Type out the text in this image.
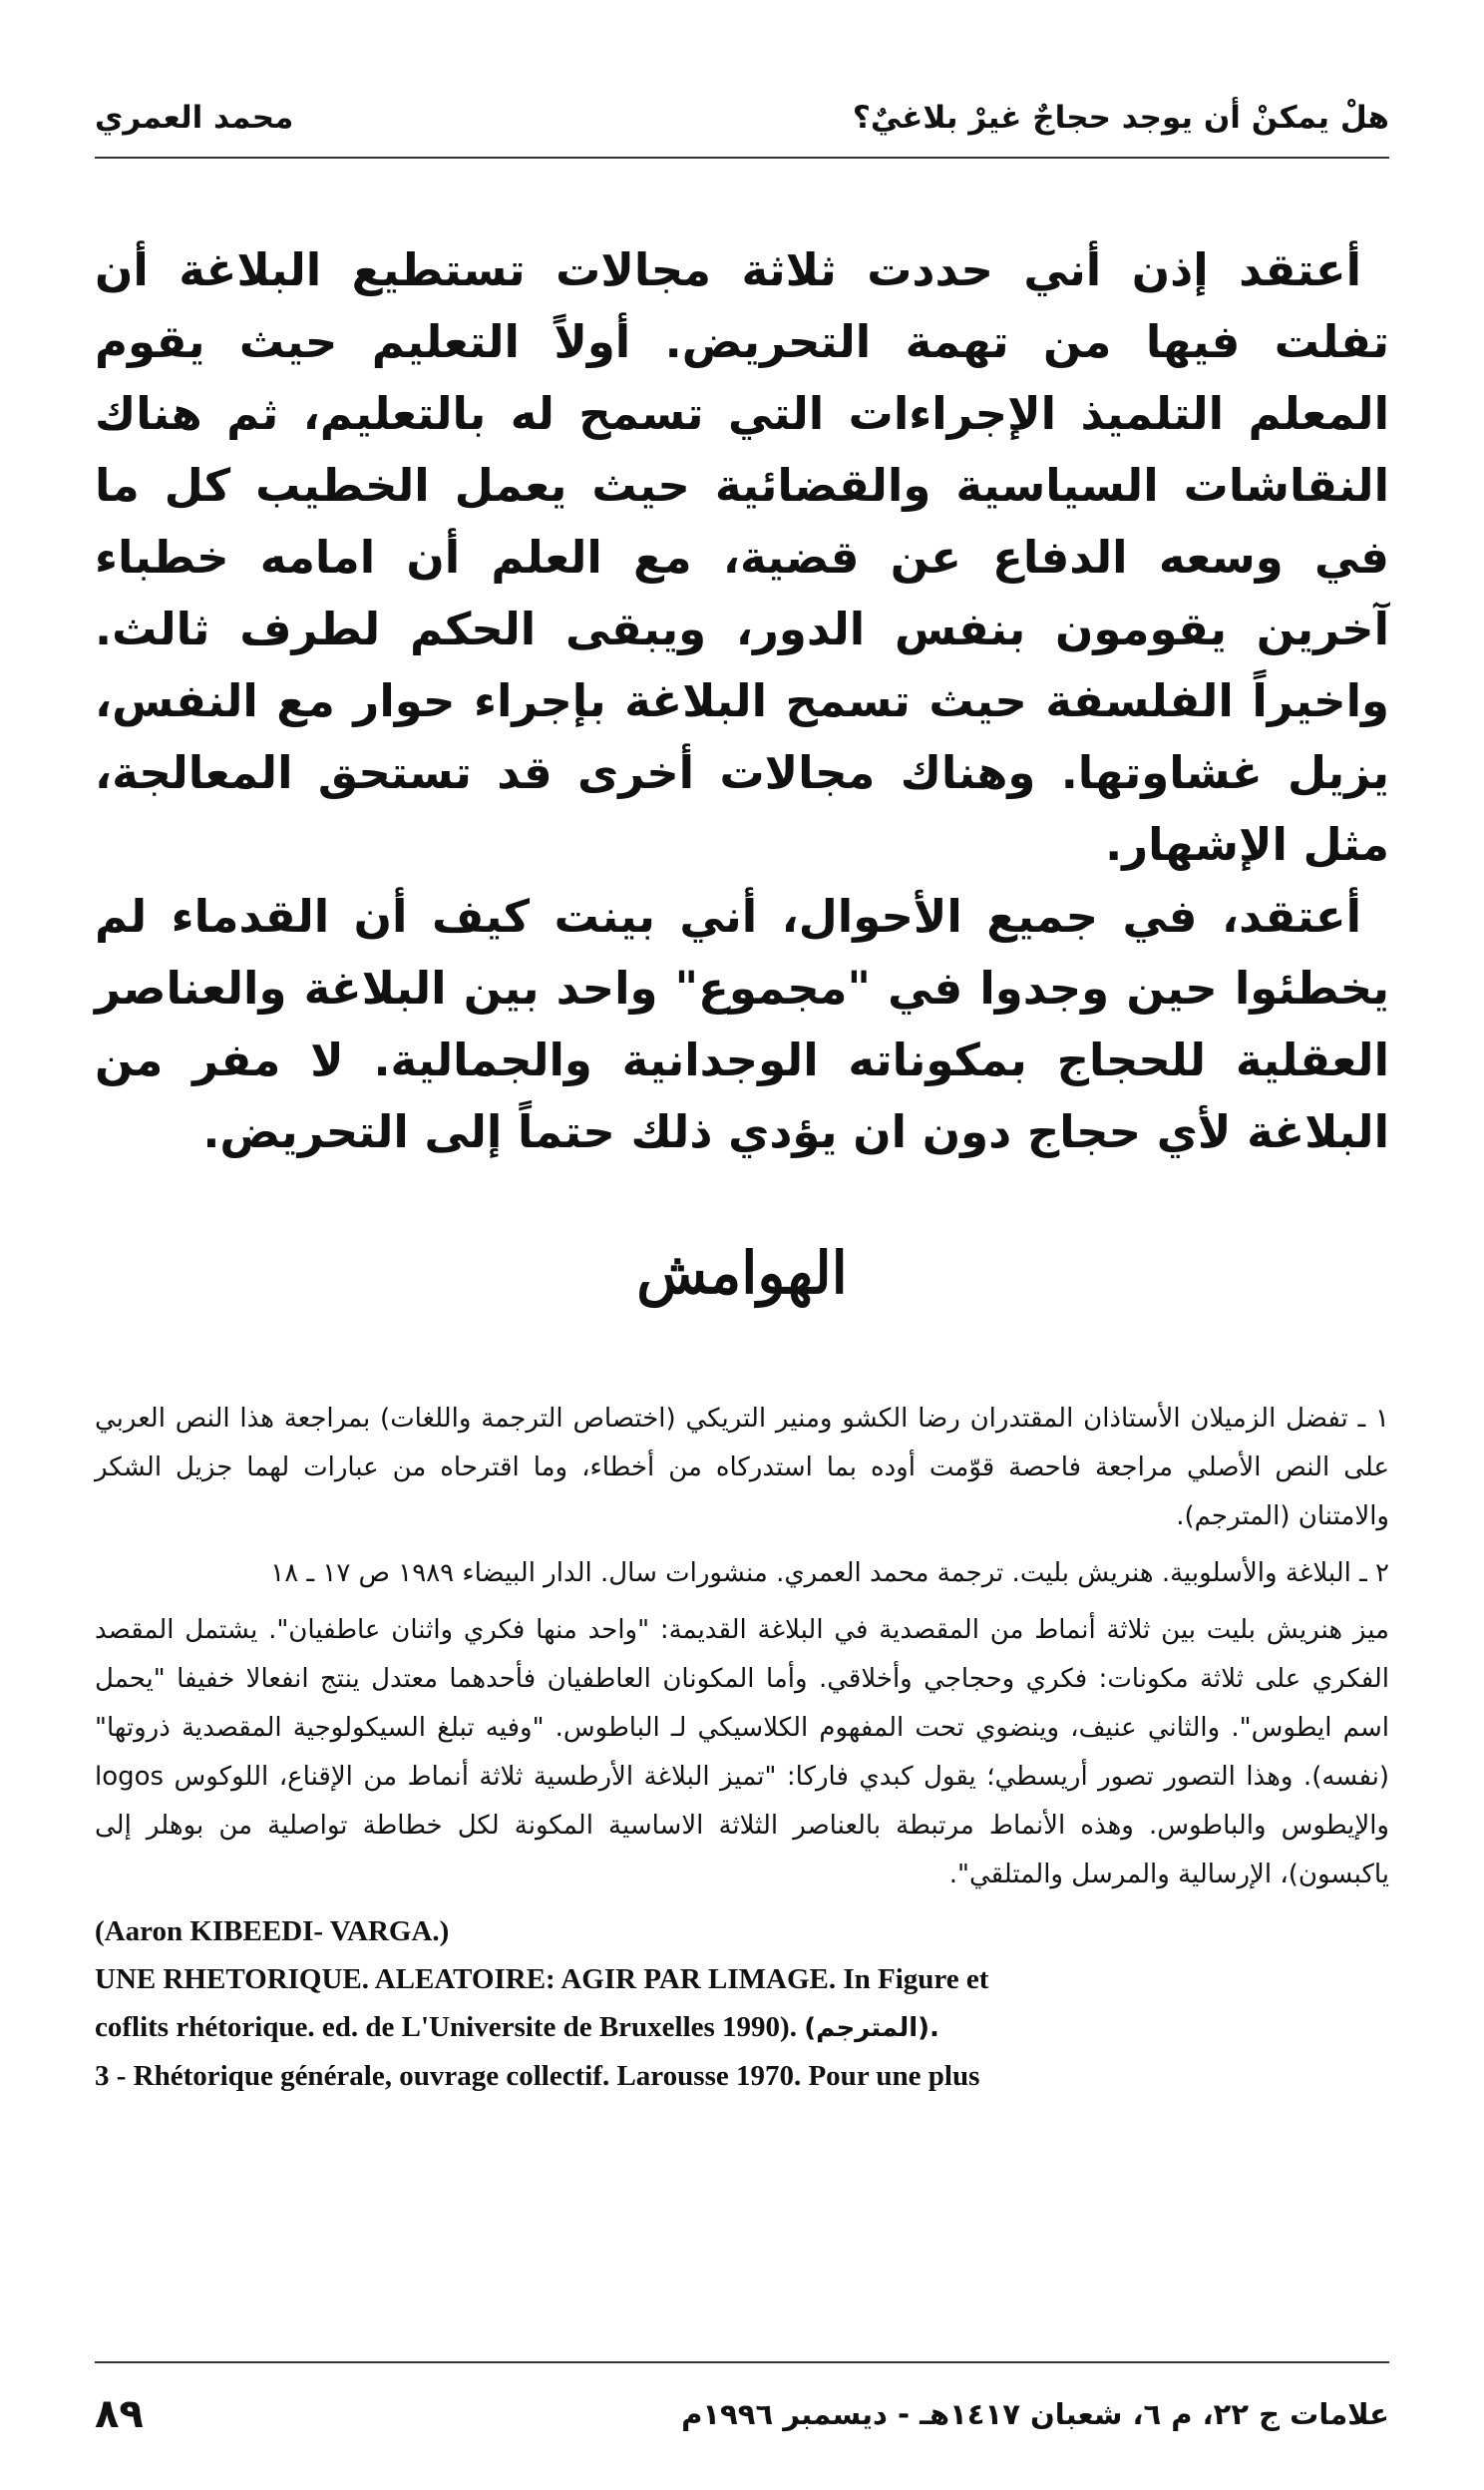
محمد العمري	هلْ يمكنْ أن يوجد حجاجٌ غيرْ بلاغيٌ؟

أعتقد إذن أني حددت ثلاثة مجالات تستطيع البلاغة أن تفلت فيها من تهمة التحريض. أولاً التعليم حيث يقوم المعلم التلميذ الإجراءات التي تسمح له بالتعليم، ثم هناك النقاشات السياسية والقضائية حيث يعمل الخطيب كل ما في وسعه الدفاع عن قضية، مع العلم أن امامه خطباء آخرين يقومون بنفس الدور، ويبقى الحكم لطرف ثالث. واخيراً الفلسفة حيث تسمح البلاغة بإجراء حوار مع النفس، يزيل غشاوتها. وهناك مجالات أخرى قد تستحق المعالجة، مثل الإشهار.

أعتقد، في جميع الأحوال، أني بينت كيف أن القدماء لم يخطئوا حين وجدوا في "مجموع" واحد بين البلاغة والعناصر العقلية للحجاج بمكوناته الوجدانية والجمالية. لا مفر من البلاغة لأي حجاج دون ان يؤدي ذلك حتماً إلى التحريض.

الهوامش

١ ـ تفضل الزميلان الأستاذان المقتدران رضا الكشو ومنير التريكي (اختصاص الترجمة واللغات) بمراجعة هذا النص العربي على النص الأصلي مراجعة فاحصة قوّمت أوده بما استدركاه من أخطاء، وما اقترحاه من عبارات لهما جزيل الشكر والامتنان (المترجم).

٢ ـ البلاغة والأسلوبية. هنريش بليت. ترجمة محمد العمري. منشورات سال. الدار البيضاء ١٩٨٩ ص ١٧ ـ ١٨

ميز هنريش بليت بين ثلاثة أنماط من المقصدية في البلاغة القديمة: "واحد منها فكري واثنان عاطفيان". يشتمل المقصد الفكري على ثلاثة مكونات: فكري وحجاجي وأخلاقي. وأما المكونان العاطفيان فأحدهما معتدل ينتج انفعالا خفيفا "يحمل اسم ايطوس". والثاني عنيف، وينضوي تحت المفهوم الكلاسيكي لـ الباطوس. "وفيه تبلغ السيكولوجية المقصدية ذروتها" (نفسه). وهذا التصور تصور أريسطي؛ يقول كبدي فاركا: "تميز البلاغة الأرطسية ثلاثة أنماط من الإقناع، اللوكوس logos والإيطوس والباطوس. وهذه الأنماط مرتبطة بالعناصر الثلاثة الاساسية المكونة لكل خطاطة تواصلية من بوهلر إلى ياكبسون)، الإرسالية والمرسل والمتلقي".

(Aaron KIBEEDI- VARGA.)

UNE RHETORIQUE. ALEATOIRE: AGIR PAR LIMAGE. In Figure et

coflits rhétorique. ed. de L'Universite de Bruxelles 1990). (المترجم).

3 - Rhétorique générale, ouvrage collectif. Larousse 1970. Pour une plus

٨٩	علامات ج ٢٢، م ٦، شعبان ١٤١٧هـ - ديسمبر ١٩٩٦م
